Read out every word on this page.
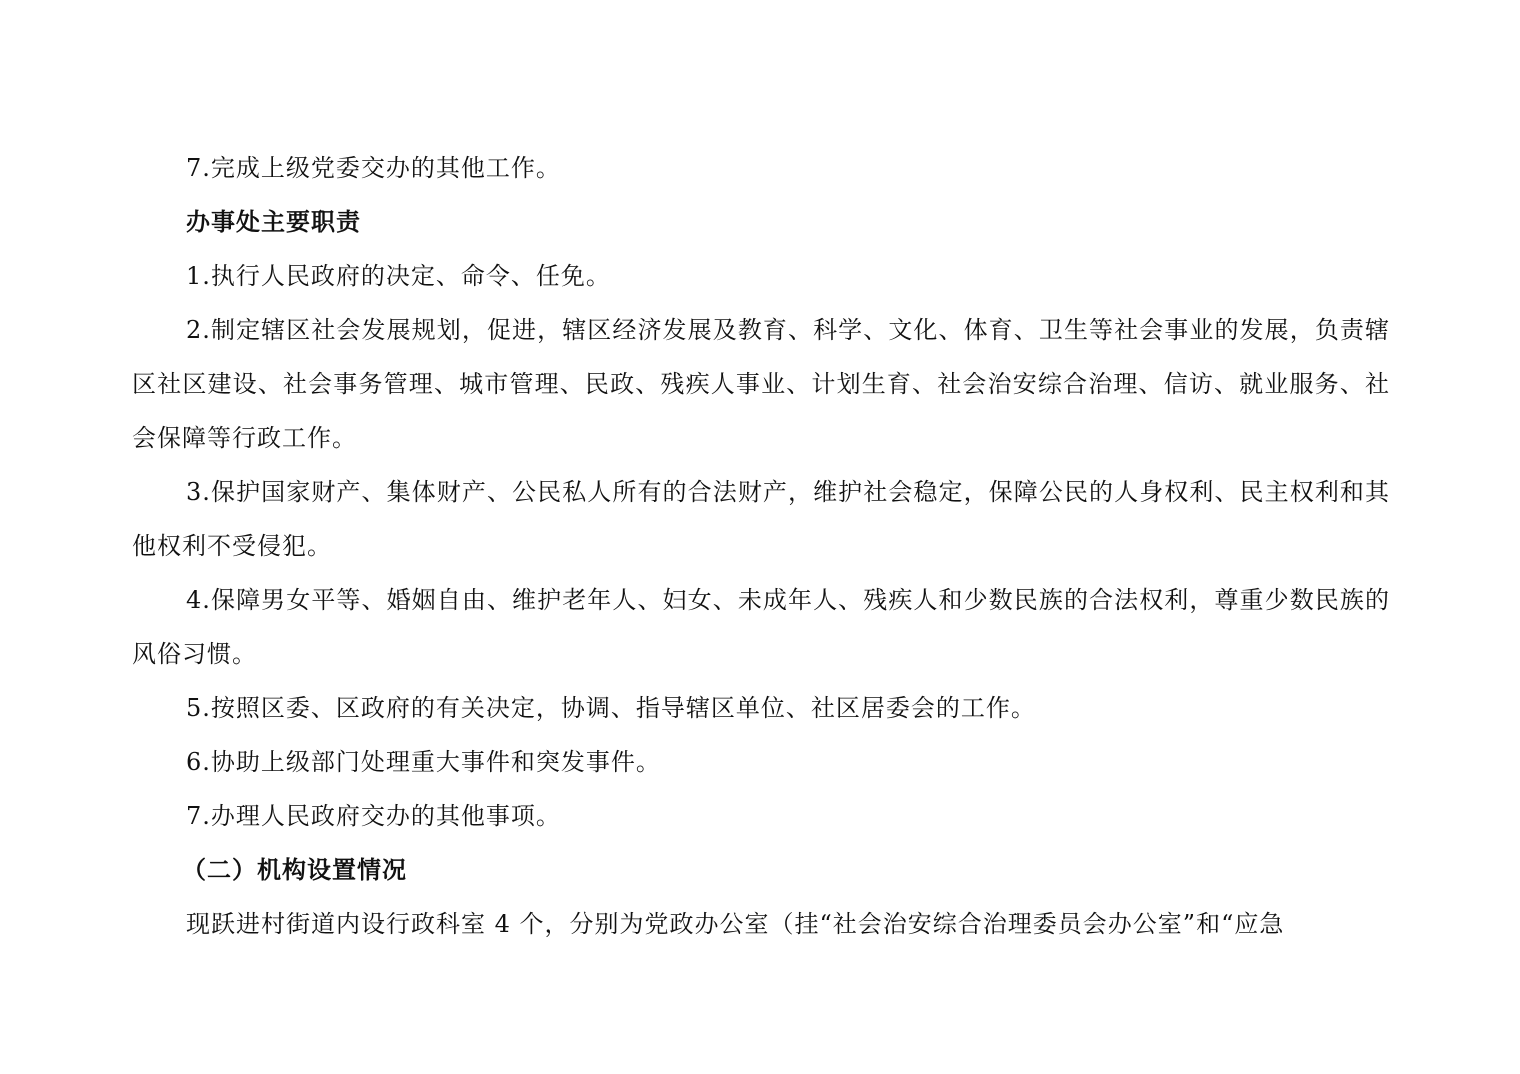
7.完成上级党委交办的其他工作。

办事处主要职责

1.执行人民政府的决定、命令、任免。

2.制定辖区社会发展规划，促进，辖区经济发展及教育、科学、文化、体育、卫生等社会事业的发展，负责辖区社区建设、社会事务管理、城市管理、民政、残疾人事业、计划生育、社会治安综合治理、信访、就业服务、社会保障等行政工作。

3.保护国家财产、集体财产、公民私人所有的合法财产，维护社会稳定，保障公民的人身权利、民主权利和其他权利不受侵犯。

4.保障男女平等、婚姻自由、维护老年人、妇女、未成年人、残疾人和少数民族的合法权利，尊重少数民族的风俗习惯。

5.按照区委、区政府的有关决定，协调、指导辖区单位、社区居委会的工作。

6.协助上级部门处理重大事件和突发事件。

7.办理人民政府交办的其他事项。

（二）机构设置情况

现跃进村街道内设行政科室 4 个，分别为党政办公室（挂“社会治安综合治理委员会办公室”和“应急
